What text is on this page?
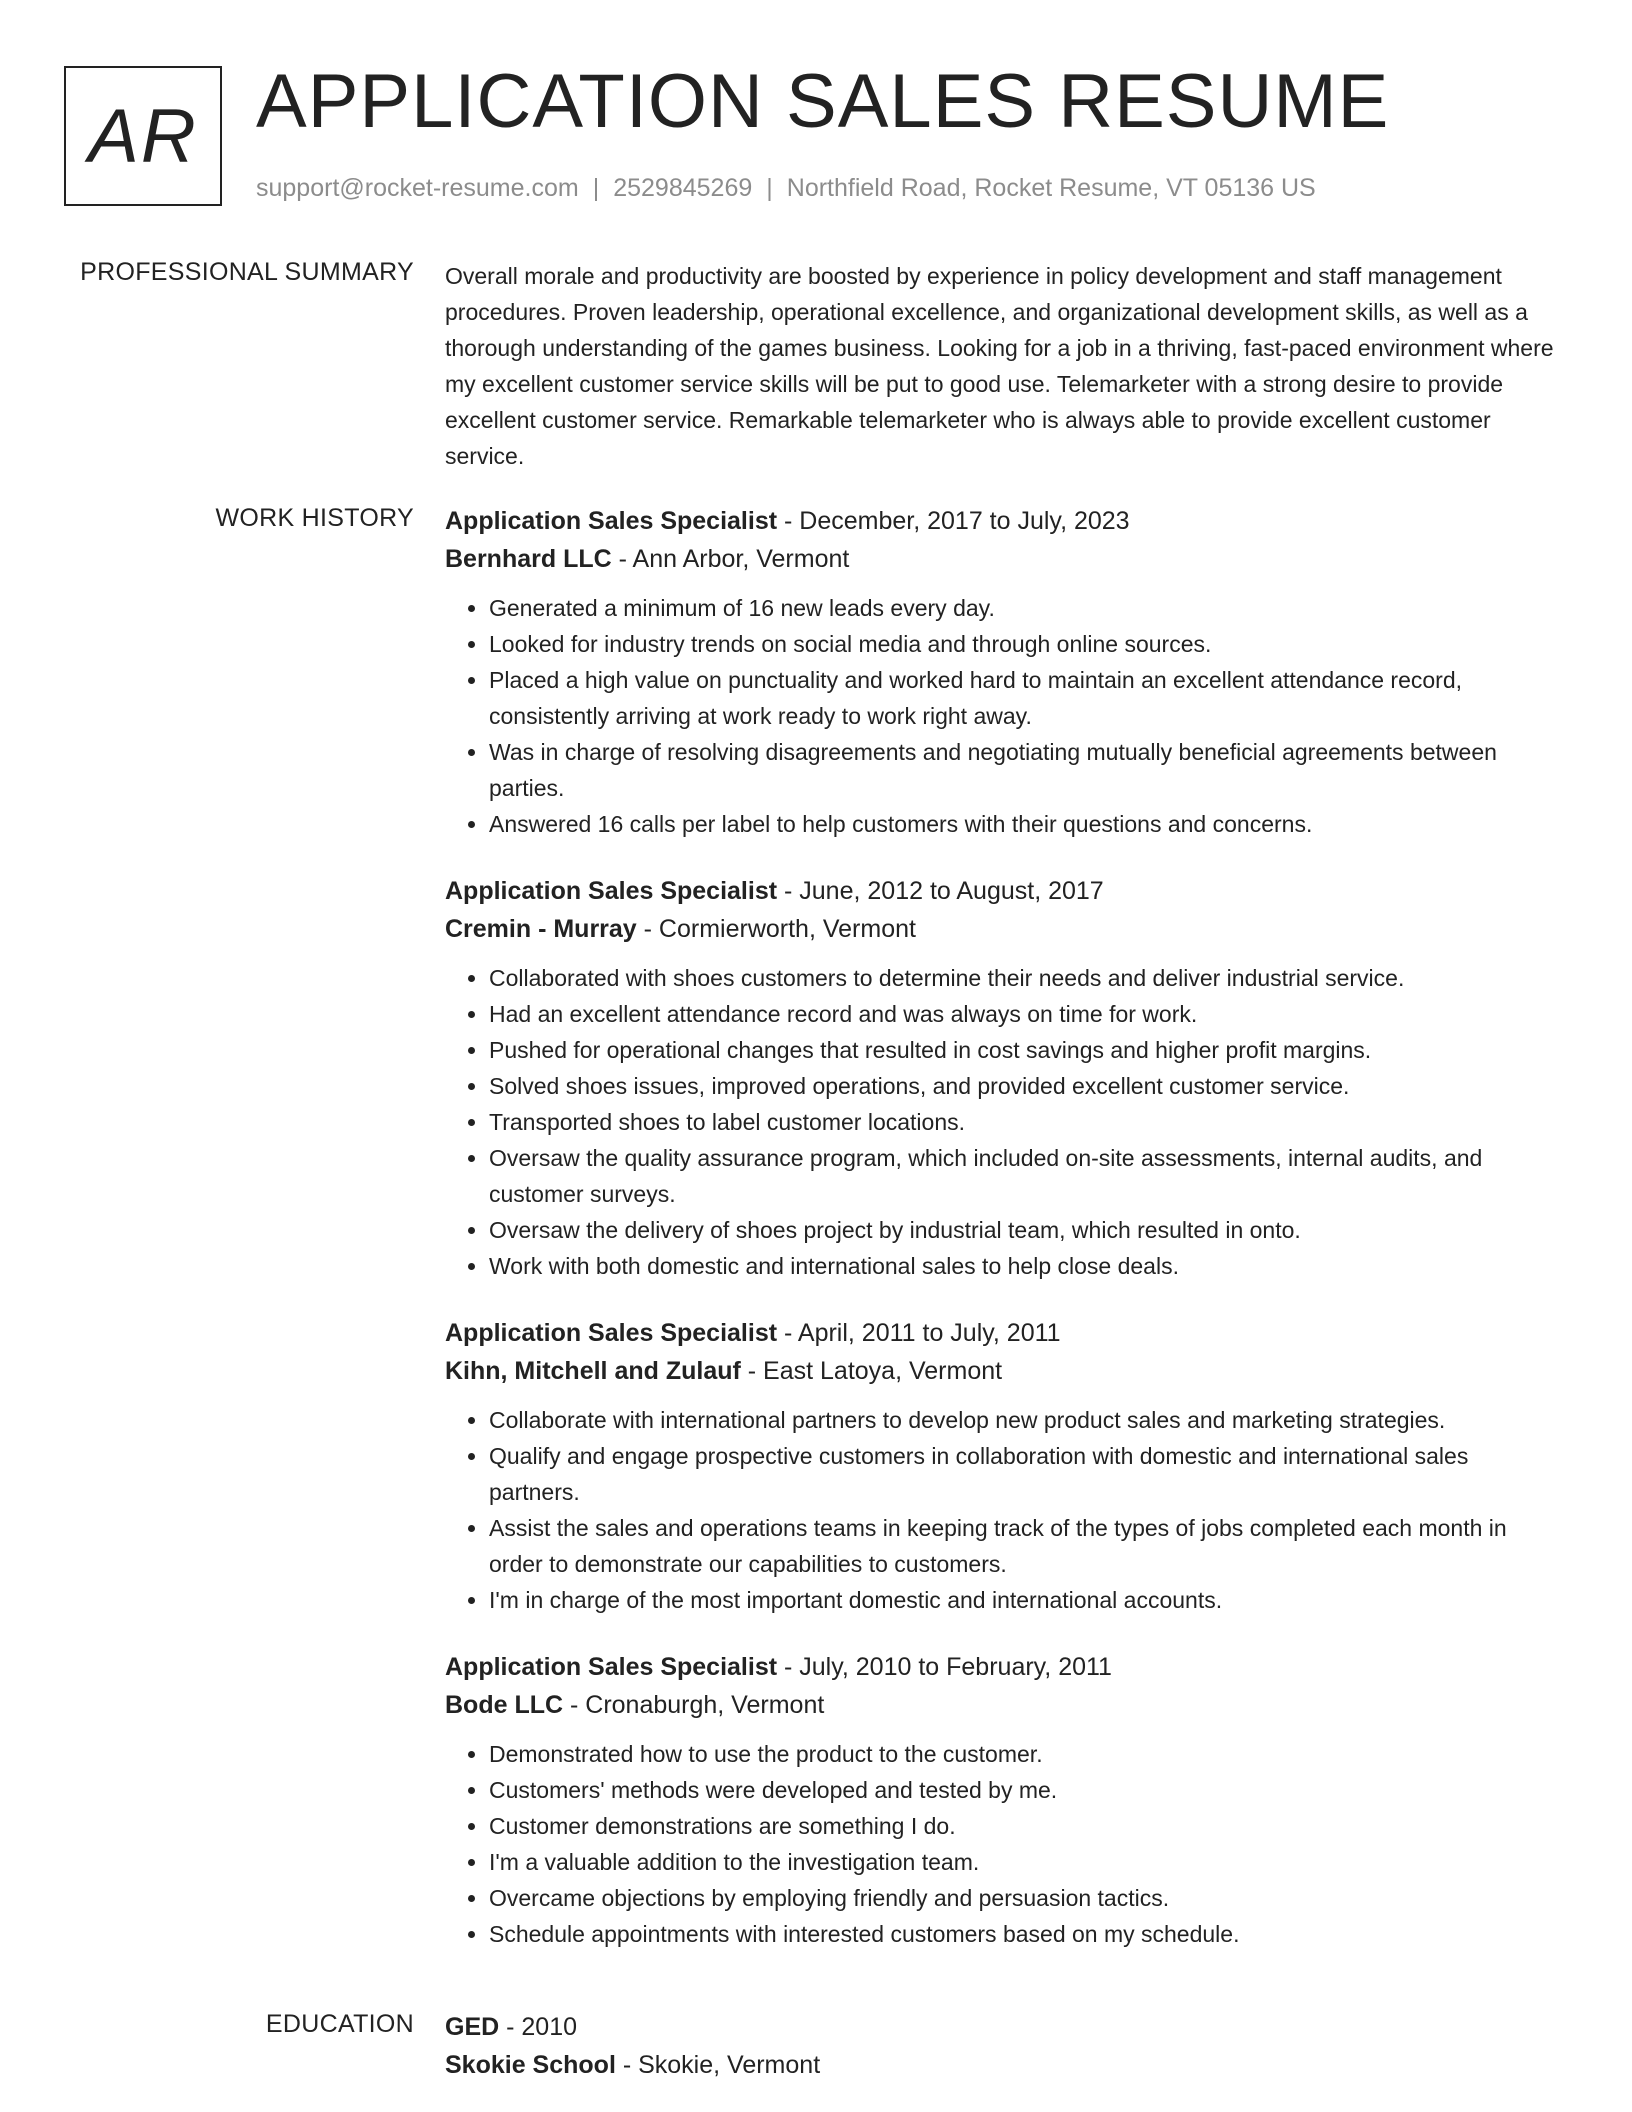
AR APPLICATION SALES RESUME
support@rocket-resume.com | 2529845269 | Northfield Road, Rocket Resume, VT 05136 US
PROFESSIONAL SUMMARY Overall morale and productivity are boosted by experience in policy development and staff management procedures. Proven leadership, operational excellence, and organizational development skills, as well as a thorough understanding of the games business. Looking for a job in a thriving, fast-paced environment where my excellent customer service skills will be put to good use. Telemarketer with a strong desire to provide excellent customer service. Remarkable telemarketer who is always able to provide excellent customer service.

WORK HISTORY Application Sales Specialist - December, 2017 to July, 2023
Bernhard LLC - Ann Arbor, Vermont
• Generated a minimum of 16 new leads every day.
• Looked for industry trends on social media and through online sources.
• Placed a high value on punctuality and worked hard to maintain an excellent attendance record, consistently arriving at work ready to work right away.
• Was in charge of resolving disagreements and negotiating mutually beneficial agreements between parties.
• Answered 16 calls per label to help customers with their questions and concerns.
Application Sales Specialist - June, 2012 to August, 2017
Cremin - Murray - Cormierworth, Vermont
• Collaborated with shoes customers to determine their needs and deliver industrial service.
• Had an excellent attendance record and was always on time for work.
• Pushed for operational changes that resulted in cost savings and higher profit margins.
• Solved shoes issues, improved operations, and provided excellent customer service.
• Transported shoes to label customer locations.
• Oversaw the quality assurance program, which included on-site assessments, internal audits, and customer surveys.
• Oversaw the delivery of shoes project by industrial team, which resulted in onto.
• Work with both domestic and international sales to help close deals.
Application Sales Specialist - April, 2011 to July, 2011
Kihn, Mitchell and Zulauf - East Latoya, Vermont
• Collaborate with international partners to develop new product sales and marketing strategies.
• Qualify and engage prospective customers in collaboration with domestic and international sales partners.
• Assist the sales and operations teams in keeping track of the types of jobs completed each month in order to demonstrate our capabilities to customers.
• I'm in charge of the most important domestic and international accounts.
Application Sales Specialist - July, 2010 to February, 2011
Bode LLC - Cronaburgh, Vermont
• Demonstrated how to use the product to the customer.
• Customers' methods were developed and tested by me.
• Customer demonstrations are something I do.
• I'm a valuable addition to the investigation team.
• Overcame objections by employing friendly and persuasion tactics.
• Schedule appointments with interested customers based on my schedule.
EDUCATION GED - 2010
Skokie School - Skokie, Vermont
